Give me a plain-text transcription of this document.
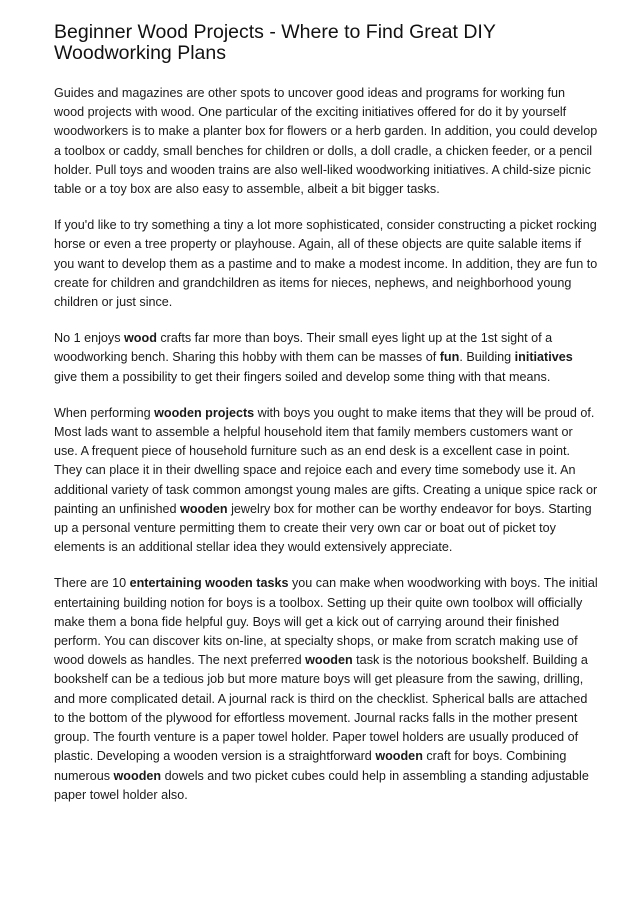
Beginner Wood Projects - Where to Find Great DIY Woodworking Plans

Guides and magazines are other spots to uncover good ideas and programs for working fun wood projects with wood. One particular of the exciting initiatives offered for do it by yourself woodworkers is to make a planter box for flowers or a herb garden. In addition, you could develop a toolbox or caddy, small benches for children or dolls, a doll cradle, a chicken feeder, or a pencil holder. Pull toys and wooden trains are also well-liked woodworking initiatives. A child-size picnic table or a toy box are also easy to assemble, albeit a bit bigger tasks.

If you'd like to try something a tiny a lot more sophisticated, consider constructing a picket rocking horse or even a tree property or playhouse. Again, all of these objects are quite salable items if you want to develop them as a pastime and to make a modest income. In addition, they are fun to create for children and grandchildren as items for nieces, nephews, and neighborhood young children or just since.

No 1 enjoys wood crafts far more than boys. Their small eyes light up at the 1st sight of a woodworking bench. Sharing this hobby with them can be masses of fun. Building initiatives give them a possibility to get their fingers soiled and develop some thing with that means.

When performing wooden projects with boys you ought to make items that they will be proud of. Most lads want to assemble a helpful household item that family members customers want or use. A frequent piece of household furniture such as an end desk is a excellent case in point. They can place it in their dwelling space and rejoice each and every time somebody use it. An additional variety of task common amongst young males are gifts. Creating a unique spice rack or painting an unfinished wooden jewelry box for mother can be worthy endeavor for boys. Starting up a personal venture permitting them to create their very own car or boat out of picket toy elements is an additional stellar idea they would extensively appreciate.

There are 10 entertaining wooden tasks you can make when woodworking with boys. The initial entertaining building notion for boys is a toolbox. Setting up their quite own toolbox will officially make them a bona fide helpful guy. Boys will get a kick out of carrying around their finished perform. You can discover kits on-line, at specialty shops, or make from scratch making use of wood dowels as handles. The next preferred wooden task is the notorious bookshelf. Building a bookshelf can be a tedious job but more mature boys will get pleasure from the sawing, drilling, and more complicated detail. A journal rack is third on the checklist. Spherical balls are attached to the bottom of the plywood for effortless movement. Journal racks falls in the mother present group. The fourth venture is a paper towel holder. Paper towel holders are usually produced of plastic. Developing a wooden version is a straightforward wooden craft for boys. Combining numerous wooden dowels and two picket cubes could help in assembling a standing adjustable paper towel holder also.
